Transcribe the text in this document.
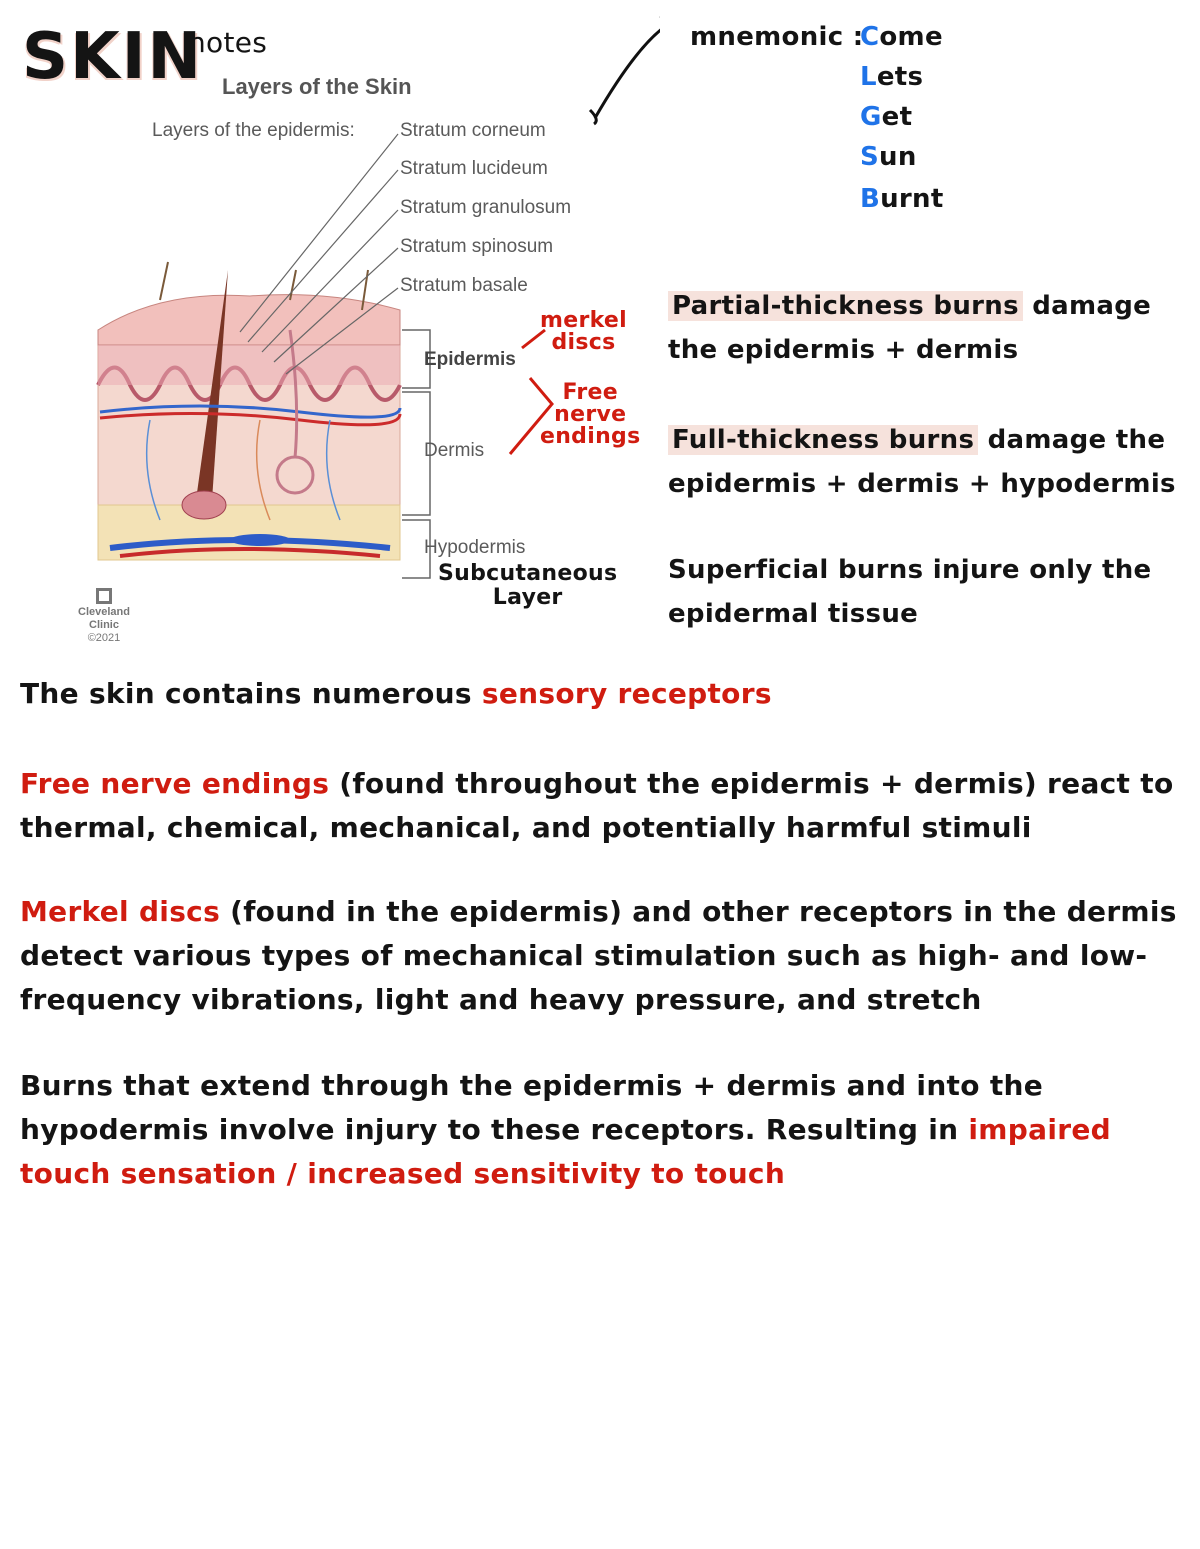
SKIN
notes
Layers of the Skin
Layers of the epidermis: Stratum corneum
Stratum lucideum
Stratum granulosum
Stratum spinosum
Stratum basale
Epidermis
Dermis
Hypodermis
Subcutaneous
Layer
merkel
discs
Free
nerve
endings
Cleveland
Clinic
©2021
mnemonic :
Come
Lets
Get
Sun
Burnt
Partial-thickness burns damage
the epidermis + dermis
Full-thickness burns damage the
epidermis + dermis + hypodermis
Superficial burns injure only the
epidermal tissue
The skin contains numerous sensory receptors
Free nerve endings (found throughout the epidermis + dermis) react to thermal, chemical, mechanical, and potentially harmful stimuli
Merkel discs (found in the epidermis) and other receptors in the dermis detect various types of mechanical stimulation such as high- and low-frequency vibrations, light and heavy pressure, and stretch
Burns that extend through the epidermis + dermis and into the hypodermis involve injury to these receptors. Resulting in impaired touch sensation / increased sensitivity to touch
